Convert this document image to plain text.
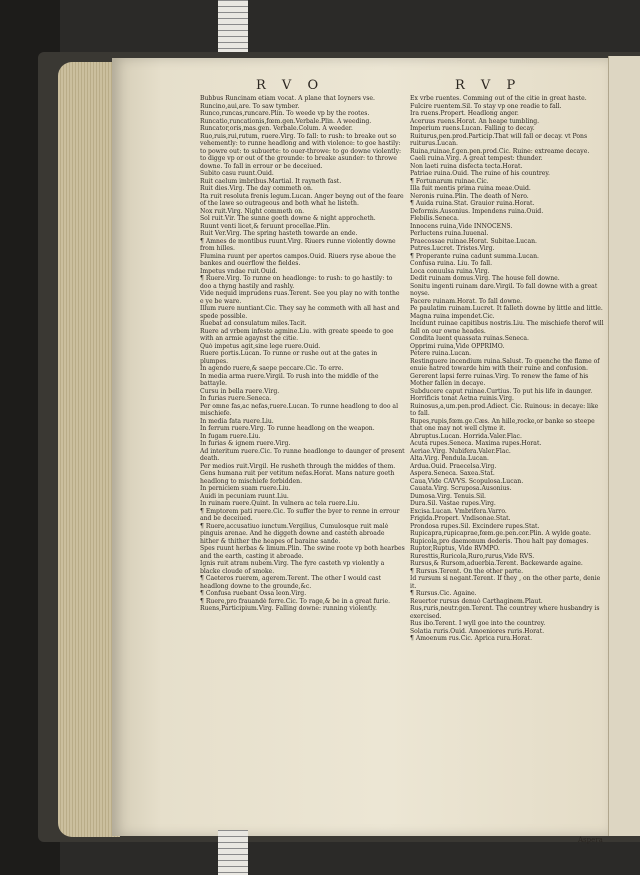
R V O	R V P
Bubbus Runcinam etiam vocat. A plane that Ioyners vse.
Runcino,aui,are. To saw tymber.
Runco,runcas,runcare.Plin. To weede vp by the rootes.
Runcatio,runcationis,fœm.gen.Verbale.Plin. A weeding.
Runcator,oris,mas.gen. Verbale.Colum. A weeder.
Ruo,ruis,rui,rutum, ruere.Virg. To fall: to rush: to breake out so vehemently: to runne headlong and with violence: to goe hastily: to powre out: to subuerte: to ouer-throwe: to go downe violently: to digge vp or out of the grounde: to breake asunder: to throwe downe. To fall in errour or be deceiued.
Subito casu ruunt.Ouid.
Ruit caelum imbribus.Martial. It rayneth fast.
Ruit dies.Virg. The day commeth on.
Ita ruit resoluta frenis legum.Lucan. Anger beyng out of the feare of the lawe so outrageous and both what he listeth.
Nox ruit.Virg. Night commeth on.
Sol ruit.Vir. The sunne goeth downe & night approcheth.
Ruunt venti licet,& feruunt procellae.Plin.
Ruit Ver.Virg. The spring hasteth towarde an ende.
¶ Amnes de montibus ruunt.Virg. Riuers runne violently downe from hilles.
Flumina ruunt per apertos campos.Ouid. Riuers ryse aboue the bankes and ouerflow the fieldes.
Impetus vndae ruit.Ouid.
¶ Ruere.Virg. To runne on headlonge: to rush: to go hastily: to doo a thyng hastily and rashly.
Vide nequid imprudens ruas.Terent. See you play no with tonthe e ye be ware.
Illum ruere nuntiant.Cic. They say he commeth with all hast and spede possible.
Ruebat ad consulatum miles.Tacit.
Ruere ad vrbem infesto agmine.Liu. with greate speede to goe with an armie agaynst the citie.
Quò impetus agit,sine lege ruere.Ouid.
Ruere portis.Lucan. To runne or rushe out at the gates in plumpes.
In agendo ruere,& saepe peccare.Cic. To erre.
In media arma ruere.Virgil. To rush into the middle of the battayle.
Cursu in bella ruere.Virg.
In furias ruere.Seneca.
Per omne fas,ac nefas,ruere.Lucan. To runne headlong to doo al mischiefe.
In media fata ruere.Liu.
In ferrum ruere.Virg. To runne headlong on the weapon.
In fugam ruere.Liu.
In furias & ignem ruere.Virg.
Ad interitum ruere.Cic. To runne headlonge to daunger of present death.
Per medios ruit.Virgil. He rusheth through the middes of them.
Gens humana ruit per vetitum nefas.Horat. Mans nature goeth headlong to mischiefe forbidden.
In perniciem suam ruere.Liu.
Auidi in pecuniam ruunt.Liu.
In ruinam ruere.Quint. In vulnera ac tela ruere.Liu.
¶ Emptorem pati ruere.Cic. To suffer the byer to renne in errour and be deceiued.
¶ Ruere,accusatiuo iunctum.Vergilius, Cumulosque ruit malè pinguis arenae. And he diggeth downe and casteth abroade hither & thither the heapes of baraine sande.
Spes ruunt herbas & limum.Plin. The swine roote vp both hearbes and the earth, casting it abroade.
Ignis ruit atram nubem.Virg. The fyre casteth vp violently a blacke cloude of smoke.
¶ Caeteros ruerem, agerem.Terent. The other I would cast headlong downe to the grounde,&c.
¶ Confusa ruebant Ossa leon.Virg.
¶ Ruere,pro frauandè ferre.Cic. To rage,& be in a great furie.
Ruens,Participium.Virg. Falling downe: running violently.
Ex vrbe ruentes. Comming out of the citie in great haste.
Fulcire ruentem.Sil. To stay vp one readie to fall.
Ira ruens.Propert. Headlong anger.
Aceruus ruens.Horat. An heape tumbling.
Imperium ruens.Lucan. Falling to decay.
Ruiturus,pen.prod.Particip.That will fall or decay. vt Pons ruiturus.Lucan.
Ruina,ruinae,f.gen.pen.prod.Cic. Ruine: extreame decaye.
Caeli ruina.Virg. A great tempest: thunder.
Non laeti ruina disfecta tecta.Horat.
Patriae ruina.Ouid. The ruine of his countrey.
¶ Fortunarum ruinae.Cic.
Illa fuit mentis prima ruina meae.Ouid.
Neronis ruina.Plin. The death of Nero.
¶ Auida ruina.Stat. Grauior ruina.Horat.
Deformis.Ausonius. Impendens ruina.Ouid.
Flebilis.Seneca.
Innocens ruina,Vide INNOCENS.
Perluctens ruina.Iuuenal.
Praecossae ruinae.Horat. Subitae.Lucan.
Putres.Lucret. Tristes.Virg.
¶ Properante ruina cadunt summa.Lucan.
Confusa ruina. Liu. To fall.
Loca conuulsa ruina.Virg.
Dedit ruinam domus.Virg. The house fell downe.
Sonitu ingenti ruinam dare.Virgil. To fall downe with a great noyse.
Facere ruinam.Horat. To fall downe.
Pe paulatim ruinam.Lucret. It falleth downe by little and little.
Magna ruina impendet.Cic.
Incidunt ruinae capitibus nostris.Liu. The mischiefe therof will fall on our owne heades.
Condita luent quassata ruinas.Seneca.
Opprimi ruina,Vide OPPRIMO.
Petere ruina.Lucan.
Restinguere incendium ruina.Salust. To quenche the flame of enuie hatred towarde him with their ruine and confusion.
Gererent lapsi ferre ruinas.Virg. To renew the fame of his Mother fallen in decaye.
Subducere caput ruinae.Curtius. To put his life in daunger.
Horrificis tonat Aetna ruinis.Virg.
Ruinosus,a,um.pen.prod.Adiect. Cic. Ruinous: in decaye: like to fall.
Rupes,rupis,fœm.ge.Cæs. An hille,rocke,or banke so steepe that one may not well clyme it.
Abruptus.Lucan. Horrida.Valer.Flac.
Acuta rupes.Seneca. Maxima rupes.Horat.
Aeriae.Virg. Nubifera.Valer.Flac.
Alta.Virg. Pendula.Lucan.
Ardua.Ouid. Praecelsa.Virg.
Aspera.Seneca. Saxea.Stat.
Caua,Vide CAVVS. Scopulosa.Lucan.
Cauata.Virg. Scruposa.Ausonius.
Dumosa.Virg. Tenuis.Sil.
Dura.Sil. Vastae rupes.Virg.
Excisa.Lucan. Vmbrifera.Varro.
Frigida.Propert. Vndisonae.Stat.
Prondosa rupes.Sil. Excindere rupes.Stat.
Rupicapra,rupicaprae,fœm.ge.pen.cor.Plin. A wylde goate.
Rupicola,pro daemonum dederis. Thou halt pay domages.
Ruptor,Ruptus, Vide RVMPO.
Ruresttis,Ruricola,Ruro,rurus,Vide RVS.
Rursus,& Rursom,aduerbia.Terent. Backewarde againe.
¶ Rursus.Terent. On the other parte.
Id rursum si negant.Terent. If they , on the other parte, denie it.
¶ Rursus.Cic. Againe.
Reuertor rursus denuò Carthaginem.Plaut.
Rus,ruris,neutr.gen.Terent. The countrey where husbandry is exercised.
Rus ibo.Terent. I wyll goe into the countrey.
Solatia ruris.Ouid. Amoeniores ruris.Horat.
¶ Amoenum rus.Cic. Aprica rura.Horat.
Aspera
